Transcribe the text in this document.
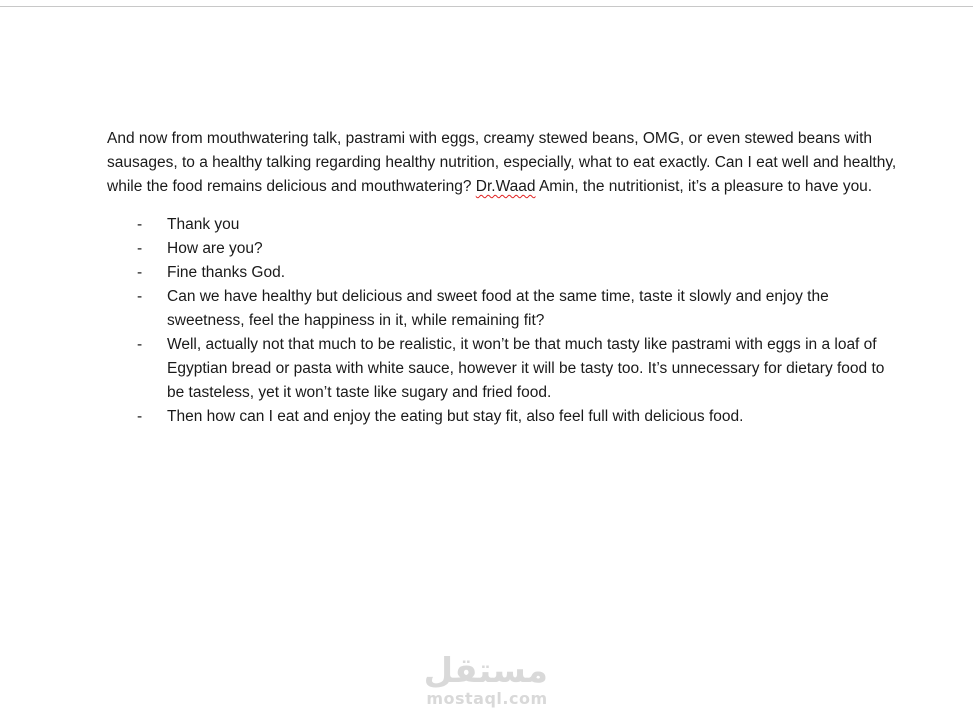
And now from mouthwatering talk, pastrami with eggs, creamy stewed beans, OMG, or even stewed beans with sausages, to a healthy talking regarding healthy nutrition, especially, what to eat exactly. Can I eat well and healthy, while the food remains delicious and mouthwatering? Dr.Waad Amin, the nutritionist, it’s a pleasure to have you.

- Thank you
- How are you?
- Fine thanks God.
- Can we have healthy but delicious and sweet food at the same time, taste it slowly and enjoy the sweetness, feel the happiness in it, while remaining fit?
- Well, actually not that much to be realistic, it won’t be that much tasty like pastrami with eggs in a loaf of Egyptian bread or pasta with white sauce, however it will be tasty too. It’s unnecessary for dietary food to be tasteless, yet it won’t taste like sugary and fried food.
- Then how can I eat and enjoy the eating but stay fit, also feel full with delicious food.
مستقل
mostaql.com
